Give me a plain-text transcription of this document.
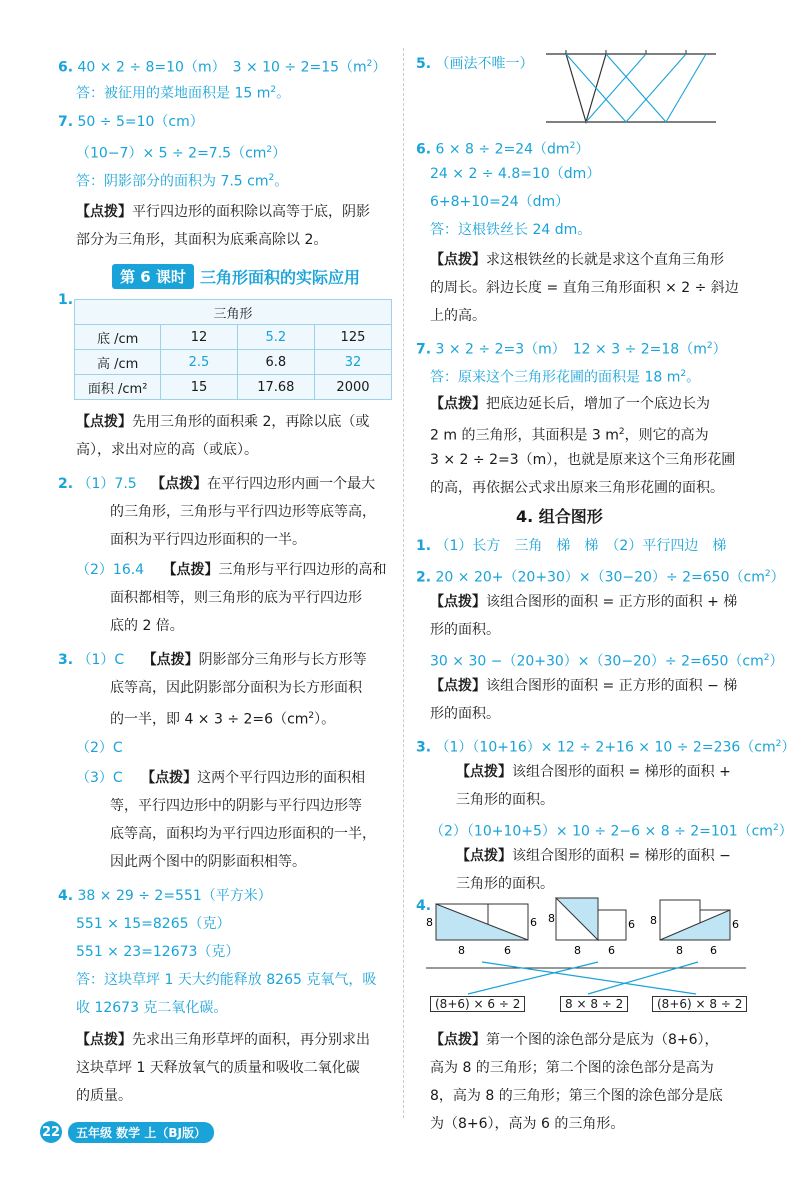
6. 40 × 2 ÷ 8=10（m）　$3 \times 10 \div 2=15(m^2)$
答：被征用的菜地面积是 15 $m^2$。
7. 50 ÷ 5=10（cm）
$(10-7)\times 5 \div 2=7.5(cm^2)$
答：阴影部分的面积为 7.5 $cm^2$。
【点拨】平行四边形的面积除以高等于底，阴影
部分为三角形，其面积为底乘高除以 2。
第 6 课时 三角形面积的实际应用
1.
三角形			
底 /cm	12	5.2	125
高 /cm	2.5	6.8	32
面积 /cm²	15	17.68	2000
【点拨】先用三角形的面积乘 2，再除以底（或
高），求出对应的高（或底）。
2. （1）7.5 【点拨】在平行四边形内画一个最大
的三角形，三角形与平行四边形等底等高，
面积为平行四边形面积的一半。
（2）16.4 【点拨】三角形与平行四边形的高和
面积都相等，则三角形的底为平行四边形
底的 2 倍。
3. （1）C 【点拨】阴影部分三角形与长方形等
底等高，因此阴影部分面积为长方形面积
的一半，即 $4 \times 3 \div 2=6(cm^2)$。
（2）C
（3）C 【点拨】这两个平行四边形的面积相
等，平行四边形中的阴影与平行四边形等
底等高，面积均为平行四边形面积的一半，
因此两个图中的阴影面积相等。
4. 38 × 29 ÷ 2=551（平方米）
551 × 15=8265（克）
551 × 23=12673（克）
答：这块草坪 1 天大约能释放 8265 克氧气，吸
收 12673 克二氧化碳。
【点拨】先求出三角形草坪的面积，再分别求出
这块草坪 1 天释放氧气的质量和吸收二氧化碳
的质量。
5. （画法不唯一）
6. $6 \times 8 \div 2=24(dm^2)$
24 × 2 ÷ 4.8=10（dm）
6+8+10=24（dm）
答：这根铁丝长 24 dm。
【点拨】求这根铁丝的长就是求这个直角三角形
的周长。斜边长度 = 直角三角形面积 × 2 ÷ 斜边
上的高。
7. 3 × 2 ÷ 2=3（m）　$12 \times 3 \div 2=18(m^2)$
答：原来这个三角形花圃的面积是 18 $m^2$。
【点拨】把底边延长后，增加了一个底边长为
2 m 的三角形，其面积是 3 $m^2$，则它的高为
3 × 2 ÷ 2=3（m），也就是原来这个三角形花圃
的高，再依据公式求出原来三角形花圃的面积。
4. 组合图形
1. （1）长方　三角　梯　梯　（2）平行四边　梯
2. $20 \times 20+(20+30)\times(30-20)\div 2=650(cm^2)$
【点拨】该组合图形的面积 = 正方形的面积 + 梯
形的面积。
$30 \times 30 -(20+30)\times(30-20)\div 2=650(cm^2)$
【点拨】该组合图形的面积 = 正方形的面积 − 梯
形的面积。
3. $(1)(10+16)\times 12 \div 2+16 \times 10 \div 2=236(cm^2)$
【点拨】该组合图形的面积 = 梯形的面积 +
三角形的面积。
$(2)(10+10+5)\times 10 \div 2-6 \times 8 \div 2=101(cm^2)$
【点拨】该组合图形的面积 = 梯形的面积 −
三角形的面积。
4.
8	6
8	6
8	6
8 6
8	6
8 6
(8+6) × 6 ÷ 2	8 × 8 ÷ 2	(8+6) × 8 ÷ 2
【点拨】第一个图的涂色部分是底为（8+6），
高为 8 的三角形；第二个图的涂色部分是高为
8，高为 8 的三角形；第三个图的涂色部分是底
为（8+6），高为 6 的三角形。
22	五年级 数学 上（BJ版）
